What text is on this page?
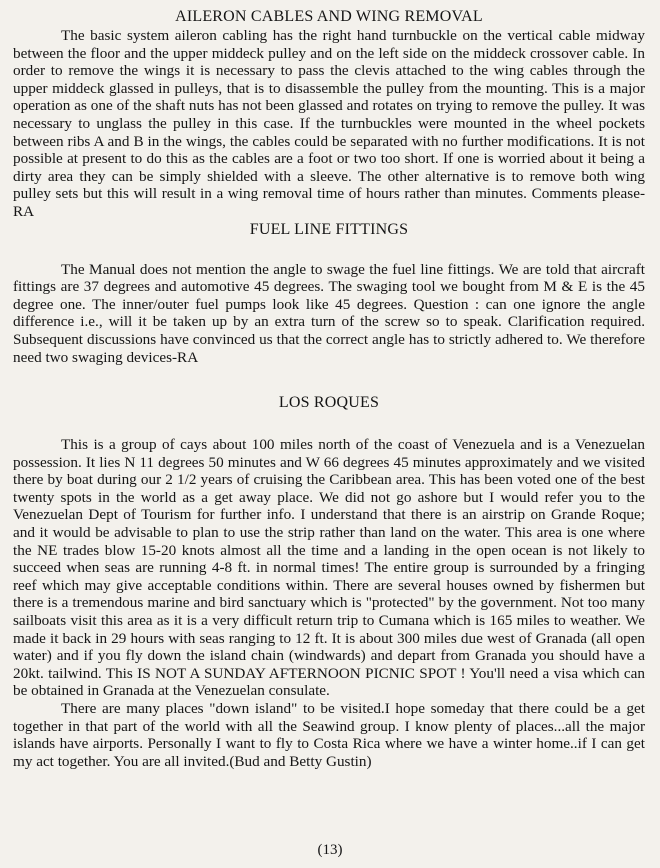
AILERON CABLES AND WING REMOVAL

The basic system aileron cabling has the right hand turnbuckle on the vertical cable midway between the floor and the upper middeck pulley and on the left side on the middeck crossover cable. In order to remove the wings it is necessary to pass the clevis attached to the wing cables through the upper middeck glassed in pulleys, that is to disassemble the pulley from the mounting. This is a major operation as one of the shaft nuts has not been glassed and rotates on trying to remove the pulley. It was necessary to unglass the pulley in this case. If the turnbuckles were mounted in the wheel pockets between ribs A and B in the wings, the cables could be separated with no further modifications. It is not possible at present to do this as the cables are a foot or two too short. If one is worried about it being a dirty area they can be simply shielded with a sleeve. The other alternative is to remove both wing pulley sets but this will result in a wing removal time of hours rather than minutes. Comments please-RA

FUEL LINE FITTINGS

The Manual does not mention the angle to swage the fuel line fittings. We are told that aircraft fittings are 37 degrees and automotive 45 degrees. The swaging tool we bought from M & E is the 45 degree one. The inner/outer fuel pumps look like 45 degrees. Question : can one ignore the angle difference i.e., will it be taken up by an extra turn of the screw so to speak. Clarification required. Subsequent discussions have convinced us that the correct angle has to strictly adhered to. We therefore need two swaging devices-RA

LOS ROQUES

This is a group of cays about 100 miles north of the coast of Venezuela and is a Venezuelan possession. It lies N 11 degrees 50 minutes and W 66 degrees 45 minutes approximately and we visited there by boat during our 2 1/2 years of cruising the Caribbean area. This has been voted one of the best twenty spots in the world as a get away place. We did not go ashore but I would refer you to the Venezuelan Dept of Tourism for further info. I understand that there is an airstrip on Grande Roque; and it would be advisable to plan to use the strip rather than land on the water. This area is one where the NE trades blow 15-20 knots almost all the time and a landing in the open ocean is not likely to succeed when seas are running 4-8 ft. in normal times! The entire group is surrounded by a fringing reef which may give acceptable conditions within. There are several houses owned by fishermen but there is a tremendous marine and bird sanctuary which is "protected" by the government. Not too many sailboats visit this area as it is a very difficult return trip to Cumana which is 165 miles to weather. We made it back in 29 hours with seas ranging to 12 ft. It is about 300 miles due west of Granada (all open water) and if you fly down the island chain (windwards) and depart from Granada you should have a 20kt. tailwind. This IS NOT A SUNDAY AFTERNOON PICNIC SPOT ! You'll need a visa which can be obtained in Granada at the Venezuelan consulate.

There are many places "down island" to be visited.I hope someday that there could be a get together in that part of the world with all the Seawind group. I know plenty of places...all the major islands have airports. Personally I want to fly to Costa Rica where we have a winter home..if I can get my act together. You are all invited.(Bud and Betty Gustin)

(13)
